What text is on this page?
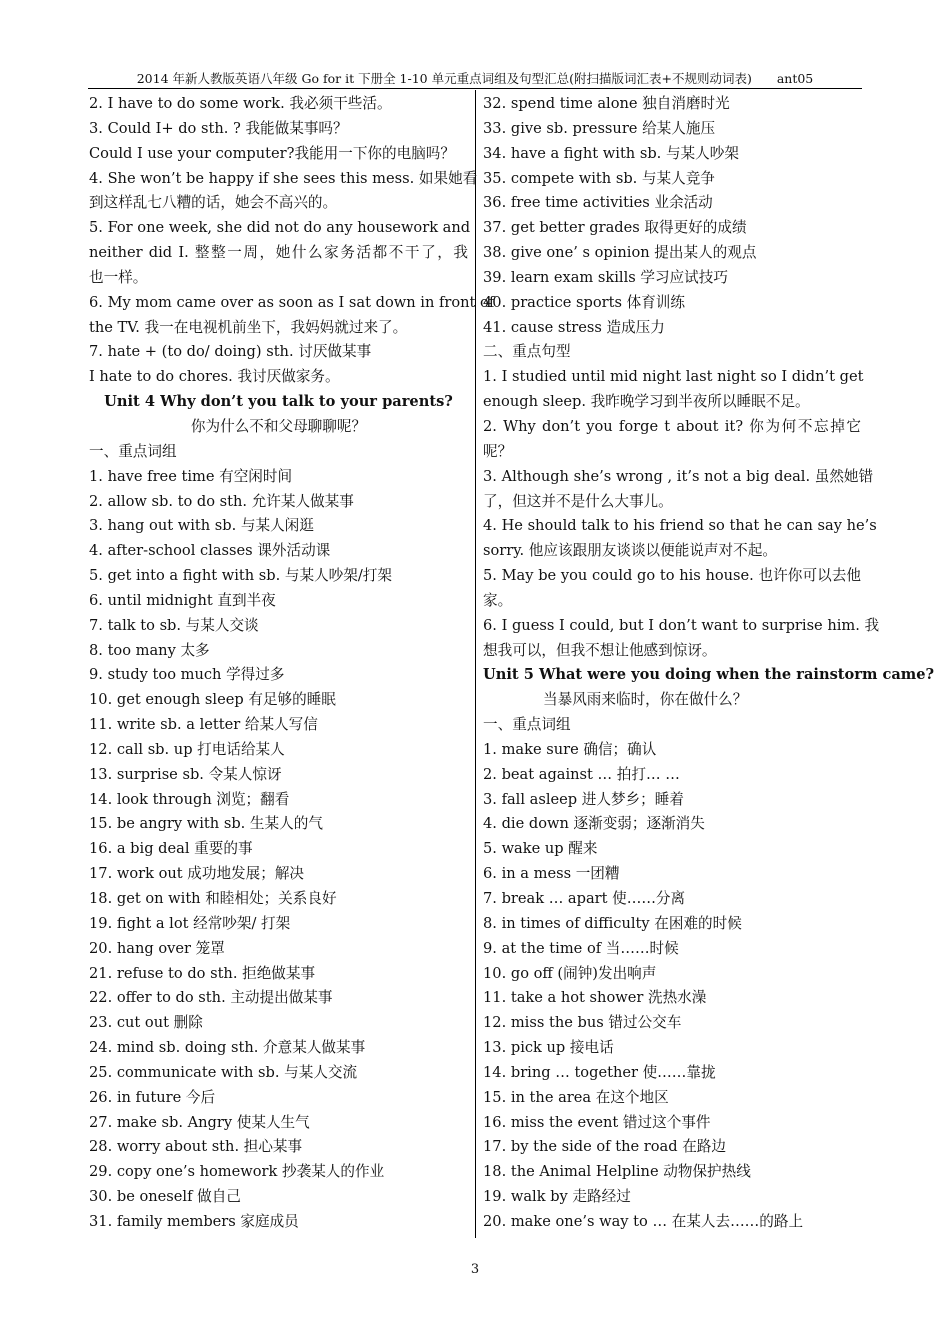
2014 年新人教版英语八年级 Go for it 下册全 1-10 单元重点词组及句型汇总(附扫描版词汇表+不规则动词表)　　ant05
2. I have to do some work. 我必须干些活。
3. Could I+ do sth. ? 我能做某事吗？
Could I use your computer?我能用一下你的电脑吗？
4. She won’t be happy if she sees this mess. 如果她看
到这样乱七八糟的话，她会不高兴的。
5. For one week, she did not do any housework and
neither did I. 整整一周，她什么家务活都不干了，我
也一样。
6. My mom came over as soon as I sat down in front of
the TV. 我一在电视机前坐下，我妈妈就过来了。
7. hate + (to do/ doing) sth. 讨厌做某事
I hate to do chores. 我讨厌做家务。
Unit 4 Why don’t you talk to your parents?
你为什么不和父母聊聊呢？
一、重点词组
1. have free time 有空闲时间
2. allow sb. to do sth. 允许某人做某事
3. hang out with sb. 与某人闲逛
4. after-school classes 课外活动课
5. get into a fight with sb. 与某人吵架/打架
6. until midnight 直到半夜
7. talk to sb. 与某人交谈
8. too many 太多
9. study too much 学得过多
10. get enough sleep 有足够的睡眠
11. write sb. a letter 给某人写信
12. call sb. up 打电话给某人
13. surprise sb. 令某人惊讶
14. look through 浏览；翻看
15. be angry with sb. 生某人的气
16. a big deal 重要的事
17. work out 成功地发展；解决
18. get on with 和睦相处；关系良好
19. fight a lot 经常吵架/ 打架
20. hang over 笼罩
21. refuse to do sth. 拒绝做某事
22. offer to do sth. 主动提出做某事
23. cut out 删除
24. mind sb. doing sth. 介意某人做某事
25. communicate with sb. 与某人交流
26. in future 今后
27. make sb. Angry 使某人生气
28. worry about sth. 担心某事
29. copy one’s homework 抄袭某人的作业
30. be oneself 做自己
31. family members 家庭成员
32. spend time alone 独自消磨时光
33. give sb. pressure 给某人施压
34. have a fight with sb. 与某人吵架
35. compete with sb. 与某人竞争
36. free time activities 业余活动
37. get better grades 取得更好的成绩
38. give one’ s opinion 提出某人的观点
39. learn exam skills 学习应试技巧
40. practice sports 体育训练
41. cause stress 造成压力
二、重点句型
1. I studied until mid night last night so I didn’t get
enough sleep. 我昨晚学习到半夜所以睡眠不足。
2. Why don’t you forge t about it? 你为何不忘掉它
呢？
3. Although she’s wrong , it’s not a big deal. 虽然她错
了，但这并不是什么大事儿。
4. He should talk to his friend so that he can say he’s
sorry. 他应该跟朋友谈谈以便能说声对不起。
5. May be you could go to his house. 也许你可以去他
家。
6. I guess I could, but I don’t want to surprise him. 我
想我可以，但我不想让他感到惊讶。
Unit 5 What were you doing when the rainstorm came?
当暴风雨来临时，你在做什么？
一、重点词组
1. make sure 确信；确认
2. beat against … 拍打… …
3. fall asleep 进人梦乡；睡着
4. die down 逐渐变弱；逐渐消失
5. wake up 醒来
6. in a mess 一团糟
7. break … apart 使……分离
8. in times of difficulty 在困难的时候
9. at the time of 当……时候
10. go off (闹钟)发出响声
11. take a hot shower 洗热水澡
12. miss the bus 错过公交车
13. pick up 接电话
14. bring … together 使……靠拢
15. in the area 在这个地区
16. miss the event 错过这个事件
17. by the side of the road 在路边
18. the Animal Helpline 动物保护热线
19. walk by 走路经过
20. make one’s way to … 在某人去……的路上
3
